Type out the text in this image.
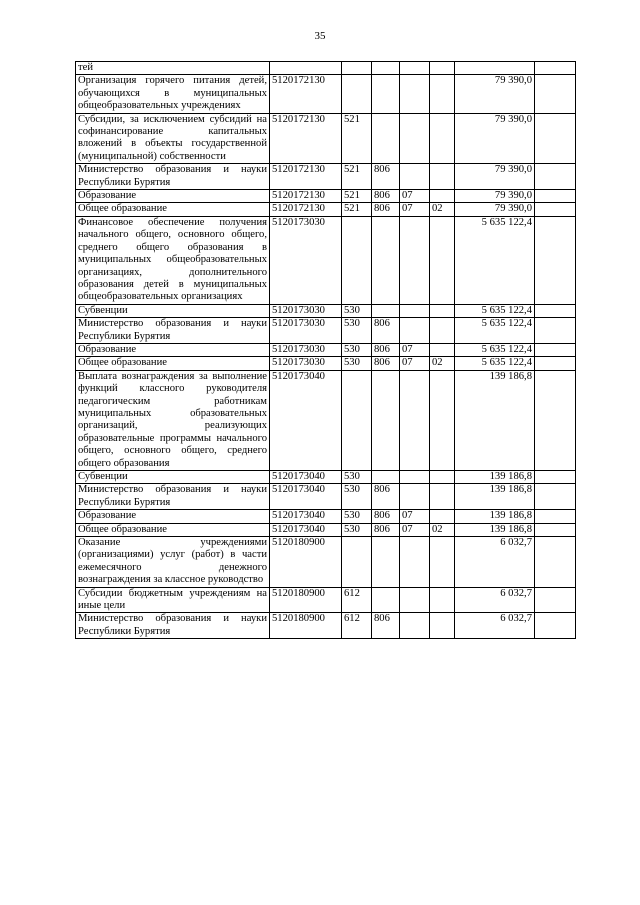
35
тей							
Организация горячего питания детей, обучающихся в муниципальных общеобразовательных учреждениях	5120172130					79 390,0	
Субсидии, за исключением субсидий на софинансирование капитальных вложений в объекты государственной (муниципальной) собственности	5120172130	521				79 390,0	
Министерство образования и науки Республики Бурятия	5120172130	521	806			79 390,0	
Образование	5120172130	521	806	07		79 390,0	
Общее образование	5120172130	521	806	07	02	79 390,0	
Финансовое обеспечение получения начального общего, основного общего, среднего общего образования в муниципальных общеобразовательных организациях, дополнительного образования детей в муниципальных общеобразовательных организациях	5120173030					5 635 122,4	
Субвенции	5120173030	530				5 635 122,4	
Министерство образования и науки Республики Бурятия	5120173030	530	806			5 635 122,4	
Образование	5120173030	530	806	07		5 635 122,4	
Общее образование	5120173030	530	806	07	02	5 635 122,4	
Выплата вознаграждения за выполнение функций классного руководителя педагогическим работникам муниципальных образовательных организаций, реализующих образовательные программы начального общего, основного общего, среднего общего образования	5120173040					139 186,8	
Субвенции	5120173040	530				139 186,8	
Министерство образования и науки Республики Бурятия	5120173040	530	806			139 186,8	
Образование	5120173040	530	806	07		139 186,8	
Общее образование	5120173040	530	806	07	02	139 186,8	
Оказание учреждениями (организациями) услуг (работ) в части ежемесячного денежного вознаграждения за классное руководство	5120180900					6 032,7	
Субсидии бюджетным учреждениям на иные цели	5120180900	612				6 032,7	
Министерство образования и науки Республики Бурятия	5120180900	612	806			6 032,7	
